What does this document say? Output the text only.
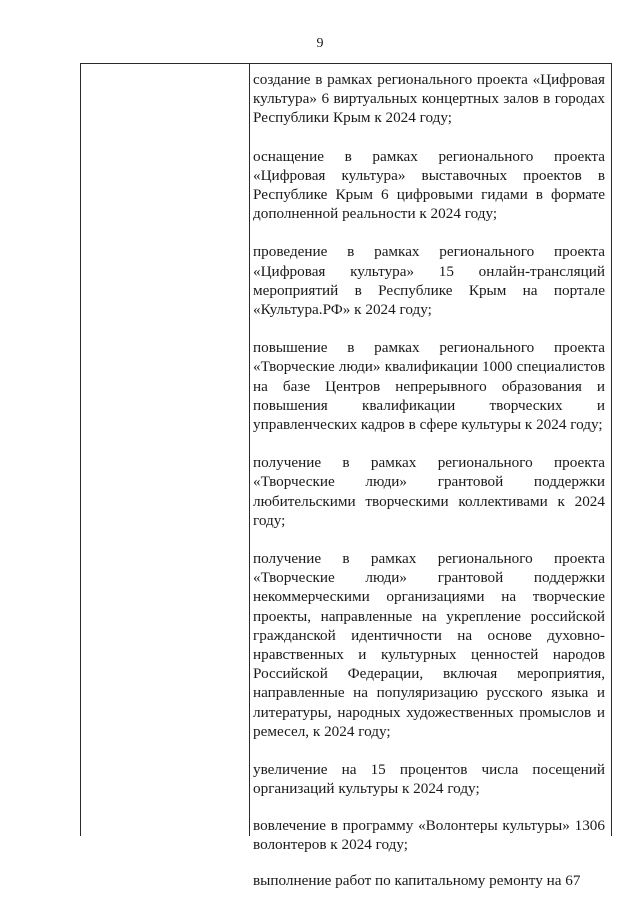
9

создание в рамках регионального проекта «Цифровая культура» 6 виртуальных концертных залов в городах Республики Крым к 2024 году;

оснащение в рамках регионального проекта «Цифровая культура» выставочных проектов в Республике Крым 6 цифровыми гидами в формате дополненной реальности к 2024 году;

проведение в рамках регионального проекта «Цифровая культура» 15 онлайн-трансляций мероприятий в Республике Крым на портале «Культура.РФ» к 2024 году;

повышение в рамках регионального проекта «Творческие люди» квалификации 1000 специалистов на базе Центров непрерывного образования и повышения квалификации творческих и управленческих кадров в сфере культуры к 2024 году;

получение в рамках регионального проекта «Творческие люди» грантовой поддержки любительскими творческими коллективами к 2024 году;

получение в рамках регионального проекта «Творческие люди» грантовой поддержки некоммерческими организациями на творческие проекты, направленные на укрепление российской гражданской идентичности на основе духовно-нравственных и культурных ценностей народов Российской Федерации, включая мероприятия, направленные на популяризацию русского языка и литературы, народных художественных промыслов и ремесел, к 2024 году;

увеличение на 15 процентов числа посещений организаций культуры к 2024 году;

вовлечение в программу «Волонтеры культуры» 1306 волонтеров к 2024 году;

выполнение работ по капитальному ремонту на 67
